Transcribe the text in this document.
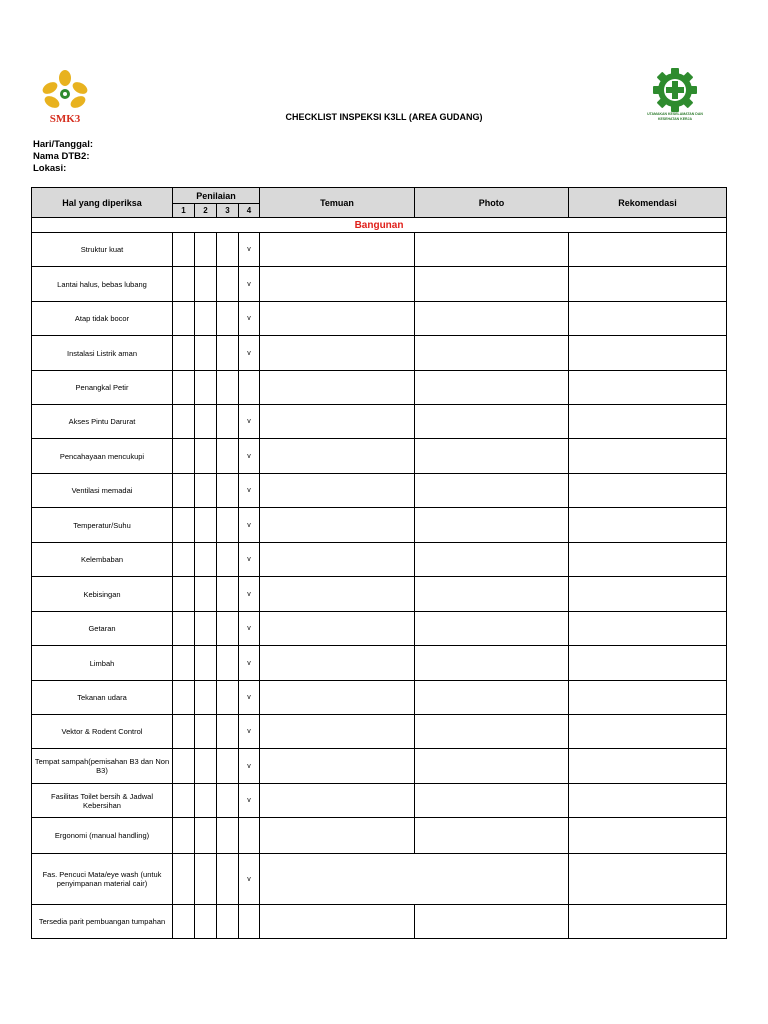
SMK3	UTAMAKAN KESELAMATAN DAN KESEHATAN KERJA
CHECKLIST INSPEKSI K3LL (AREA GUDANG)
Hari/Tanggal:
Nama DTB2:
Lokasi:
Hal yang diperiksa	Penilaian				Temuan	Photo	Rekomendasi
	1	2	3	4			
Bangunan							
Struktur kuat				v			
Lantai halus, bebas lubang				v			
Atap tidak bocor				v			
Instalasi Listrik aman				v			
Penangkal Petir							
Akses Pintu Darurat				v			
Pencahayaan mencukupi				v			
Ventilasi memadai				v			
Temperatur/Suhu				v			
Kelembaban				v			
Kebisingan				v			
Getaran				v			
Limbah				v			
Tekanan udara				v			
Vektor & Rodent Control				v			
Tempat sampah(pemisahan B3 dan Non B3)				v			
Fasilitas Toilet bersih & Jadwal Kebersihan				v			
Ergonomi (manual handling)							
Fas. Pencuci Mata/eye wash (untuk penyimpanan material cair)				v			
Tersedia parit pembuangan tumpahan							
